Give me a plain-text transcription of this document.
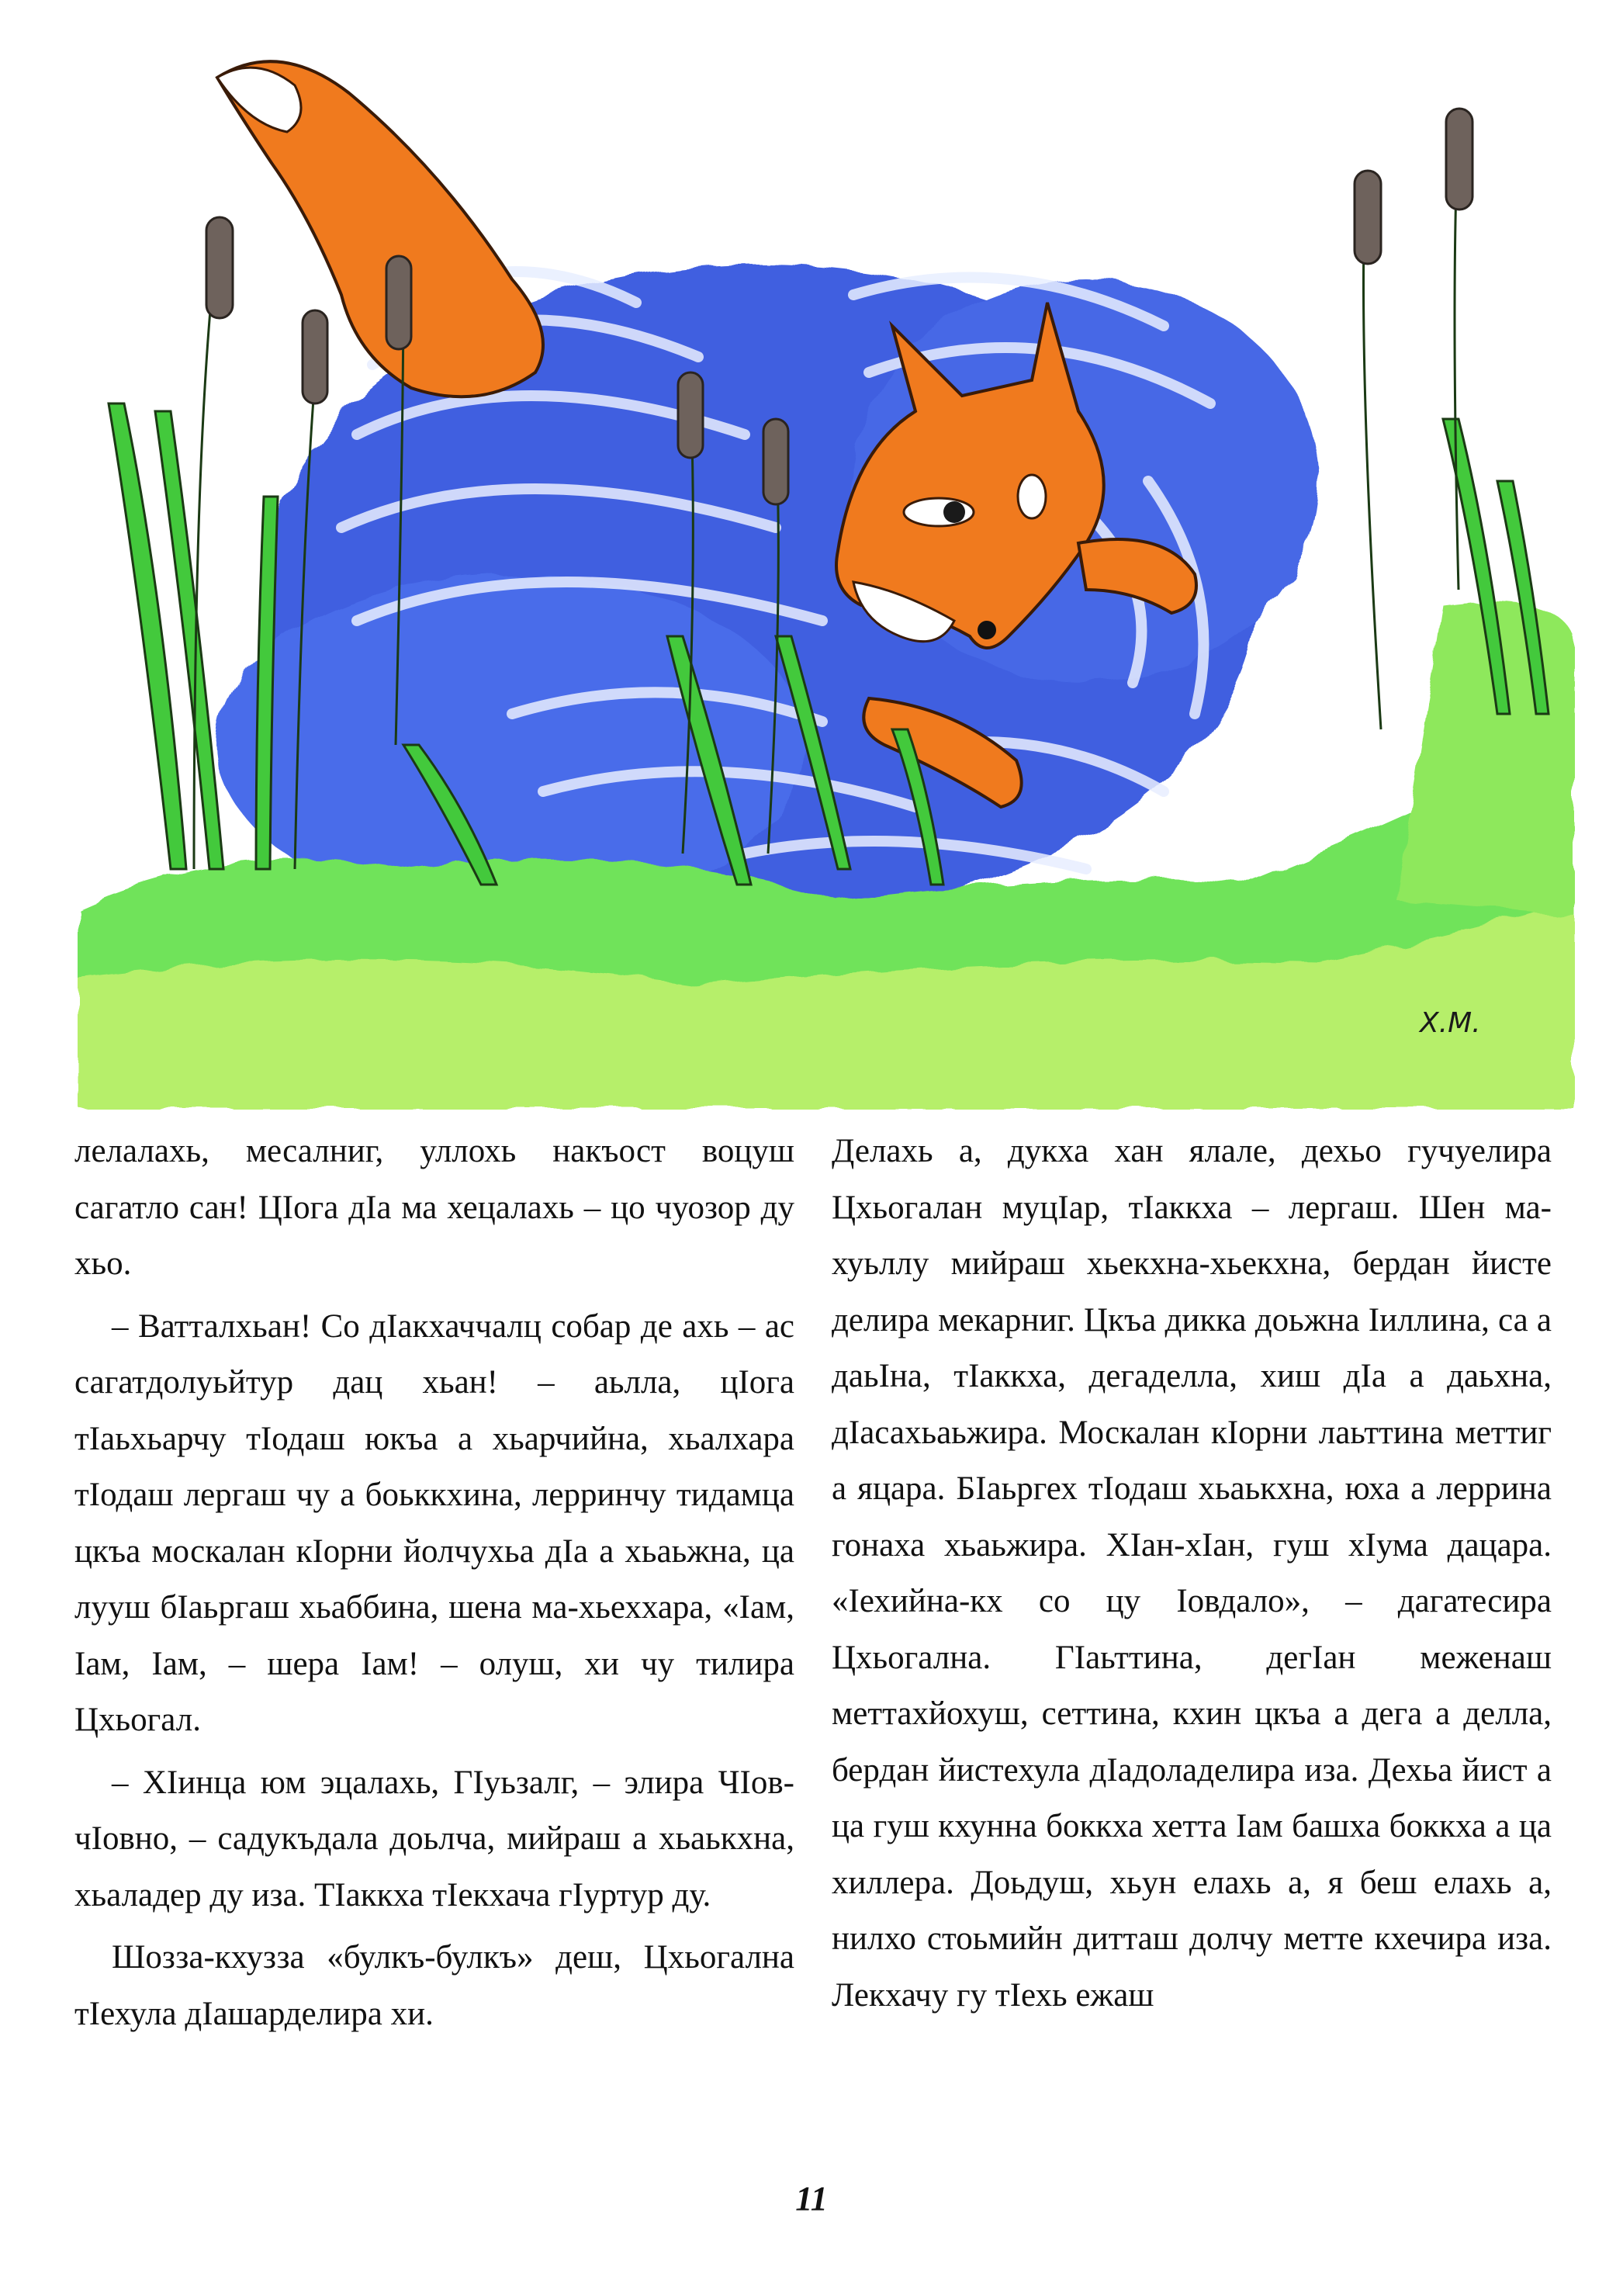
Х.М.

лелалахь, месалниг, уллохь накъост воцуш сагатло сан! ЦIога дIа ма хецалахь – цо чуозор ду хьо.

– Ватталхьан! Со дIакхаччалц собар де ахь – ас сагатдолуьйтур дац хьан! – аьлла, цIога тIаьхьарчу тIодаш юкъа а хьарчийна, хьалхара тIодаш лергаш чу а боьккхина, лерринчу тидамца цкъа москалан кIорни йолчухьа дIа а хьаьжна, ца лууш бIаьргаш хьаббина, шена ма-хьеххара, «Iам, Iам, Iам, – шера Iам! – олуш, хи чу тилира Цхьогал.

– ХIинца юм эцалахь, ГIуьзалг, – элира ЧIов-чIовно, – садукъдала доьлча, мийраш а хьаькхна, хьаладер ду иза. ТIаккха тIекхача гIуртур ду.

Шозза-кхузза «булкъ-булкъ» деш, Цхьогална тIехула дIашарделира хи.

Делахь а, дукха хан ялале, дехьо гучуелира Цхьогалан муцIар, тIаккха – лергаш. Шен ма-хуьллу мийраш хьекхна-хьекхна, бердан йисте делира мекарниг. Цкъа дикка доьжна Iиллина, са а даьIна, тIаккха, дегаделла, хиш дIа а даьхна, дIасахьаьжира. Москалан кIорни лаьттина меттиг а яцара. БIаьргех тIодаш хьаькхна, юха а леррина гонаха хьаьжира. ХIан-хIан, гуш хIума дацара. «Iехийна-кх со цу Iовдало», – дагатесира Цхьогална. ГIаьттина, дегIан меженаш меттахйохуш, сеттина, кхин цкъа а дега а делла, бердан йистехула дIадоладелира иза. Дехьа йист а ца гуш кхунна боккха хетта Iам башха боккха а ца хиллера. Доьдуш, хьун елахь а, я беш елахь а, нилхо стоьмийн дитташ долчу метте кхечира иза. Лекхачу гу тIехь ежаш

11
